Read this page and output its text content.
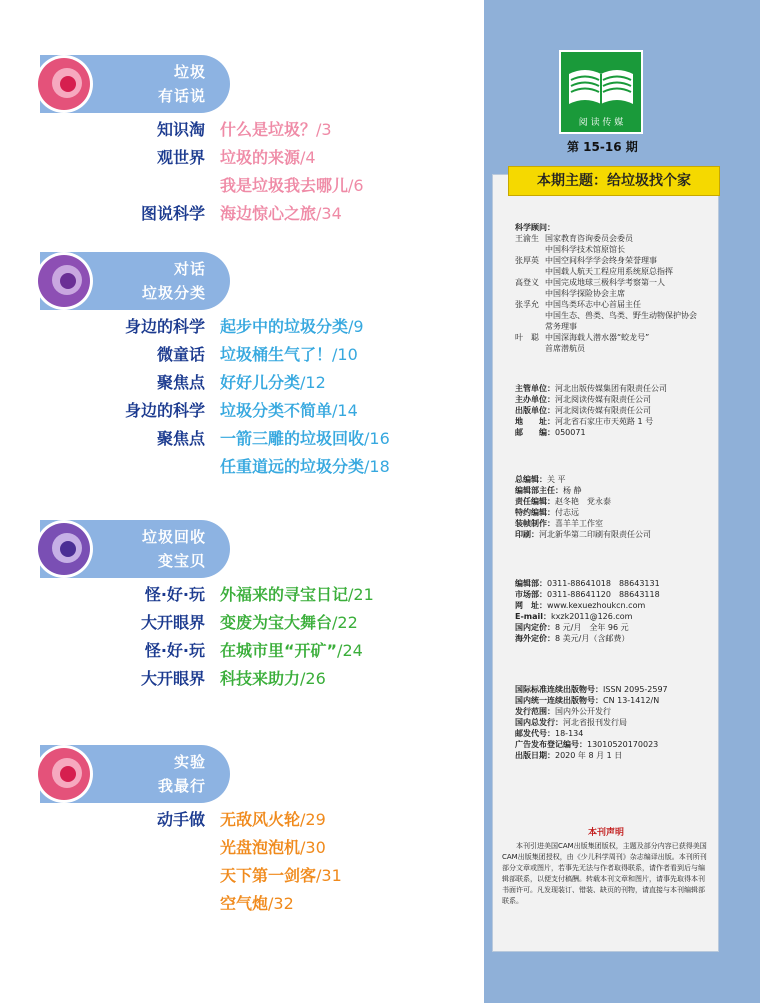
垃圾
有话说
知识淘 什么是垃圾？/3
观世界 垃圾的来源/4
我是垃圾我去哪儿/6
图说科学 海边惊心之旅/34
对话
垃圾分类
身边的科学 起步中的垃圾分类/9
微童话 垃圾桶生气了！/10
聚焦点 好好儿分类/12
身边的科学 垃圾分类不简单/14
聚焦点 一箭三雕的垃圾回收/16
任重道远的垃圾分类/18
垃圾回收
变宝贝
怪·好·玩 外福来的寻宝日记/21
大开眼界 变废为宝大舞台/22
怪·好·玩 在城市里“开矿”/24
大开眼界 科技来助力/26
实验
我最行
动手做 无敌风火轮/29
光盘泡泡机/30
天下第一剑客/31
空气炮/32
阅 读 传 媒
第 15-16 期
本期主题：给垃圾找个家
科学顾问：
王渝生 国家教育咨询委员会委员
中国科学技术馆原馆长
张厚英 中国空间科学学会终身荣誉理事
中国载人航天工程应用系统原总指挥
高登义 中国完成地球三极科学考察第一人
中国科学探险协会主席
张孚允 中国鸟类环志中心首届主任
中国生态、兽类、鸟类、野生动物保护协会
常务理事
叶　聪 中国深海载人潜水器“蛟龙号”
首席潜航员
主管单位：河北出版传媒集团有限责任公司
主办单位：河北阅读传媒有限责任公司
出版单位：河北阅读传媒有限责任公司
地　　址：河北省石家庄市天苑路 1 号
邮　　编：050071
总编辑：关 平
编辑部主任：杨 静
责任编辑：赵冬艳　党永泰
特约编辑：付志远
装帧制作：喜羊羊工作室
印刷：河北新华第二印刷有限责任公司
编辑部：0311-88641018　88643131
市场部：0311-88641120　88643118
网　址：www.kexuezhoukcn.com
E-mail：kxzk2011@126.com
国内定价：8 元/月　全年 96 元
海外定价：8 美元/月（含邮费）
国际标准连续出版物号：ISSN 2095-2597
国内统一连续出版物号：CN 13-1412/N
发行范围：国内外公开发行
国内总发行：河北省报刊发行局
邮发代号：18-134
广告发布登记编号：13010520170023
出版日期：2020 年 8 月 1 日
本刊声明
本刊引进美国CAM出版集团版权，主题及部分内容已获得美国CAM出版集团授权，由《少儿科学周刊》杂志编译出版。本刊所刊部分文章或图片，若事先无法与作者取得联系，请作者看到后与编辑部联系，以便支付稿酬。转载本刊文章和图片，请事先取得本刊书面许可。凡发现装订、错装、缺页的刊物，请直接与本刊编辑部联系。
